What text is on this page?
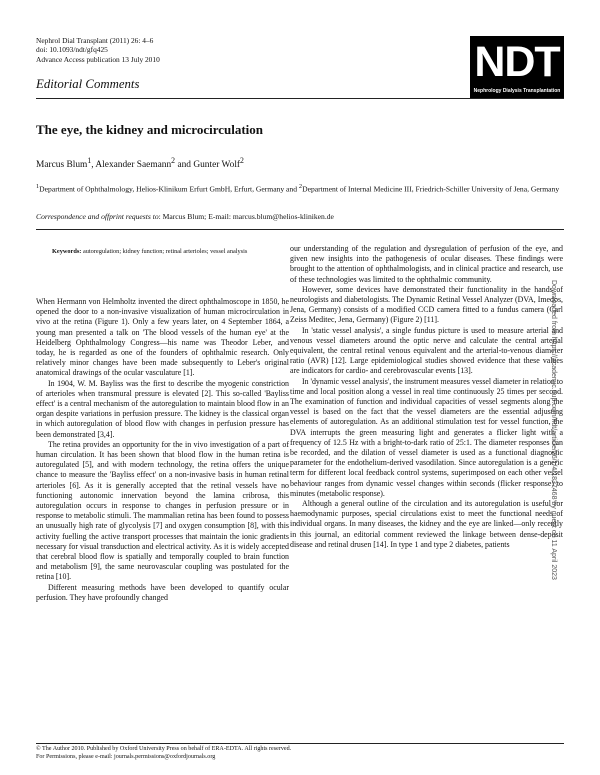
Nephrol Dial Transplant (2011) 26: 4–6
doi: 10.1093/ndt/gfq425
Advance Access publication 13 July 2010	NDT
Nephrology Dialysis Transplantation
Editorial Comments
The eye, the kidney and microcirculation
Marcus Blum$^1$, Alexander Saemann$^2$ and Gunter Wolf$^2$
$^1$Department of Ophthalmology, Helios-Klinikum Erfurt GmbH, Erfurt, Germany and $^2$Department of Internal Medicine III, Friedrich-Schiller University of Jena, Germany
Correspondence and offprint requests to: Marcus Blum; E-mail: marcus.blum@helios-kliniken.de
Keywords: autoregulation; kidney function; retinal arterioles; vessel analysis

When Hermann von Helmholtz invented the direct ophthalmoscope in 1850, he opened the door to a non-invasive visualization of human microcirculation in vivo at the retina (Figure 1). Only a few years later, on 4 September 1864, a young man presented a talk on 'The blood vessels of the human eye' at the Heidelberg Ophthalmology Congress—his name was Theodor Leber, and today, he is regarded as one of the founders of ophthalmic research. Only relatively minor changes have been made subsequently to Leber's original anatomical drawings of the ocular vasculature [1].

In 1904, W. M. Bayliss was the first to describe the myogenic constriction of arterioles when transmural pressure is elevated [2]. This so-called 'Bayliss effect' is a central mechanism of the autoregulation to maintain blood flow in an organ despite variations in perfusion pressure. The kidney is the classical organ in which autoregulation of blood flow with changes in perfusion pressure has been demonstrated [3,4].

The retina provides an opportunity for the in vivo investigation of a part of human circulation. It has been shown that blood flow in the human retina is autoregulated [5], and with modern technology, the retina offers the unique chance to measure the 'Bayliss effect' on a non-invasive basis in human retinal arterioles [6]. As it is generally accepted that the retinal vessels have no functioning autonomic innervation beyond the lamina cribrosa, this autoregulation occurs in response to changes in perfusion pressure or in response to metabolic stimuli. The mammalian retina has been found to possess an unusually high rate of glycolysis [7] and oxygen consumption [8], with this activity fuelling the active transport processes that maintain the ionic gradients necessary for visual transduction and electrical activity. As it is widely accepted that cerebral blood flow is spatially and temporally coupled to brain function and metabolism [9], the same neurovascular coupling was postulated for the retina [10].

Different measuring methods have been developed to quantify ocular perfusion. They have profoundly changed

our understanding of the regulation and dysregulation of perfusion of the eye, and given new insights into the pathogenesis of ocular diseases. These findings were brought to the attention of ophthalmologists, and in clinical practice and research, use of these technologies was limited to the ophthalmic community.

However, some devices have demonstrated their functionality in the hands of neurologists and diabetologists. The Dynamic Retinal Vessel Analyzer (DVA, Imedos, Jena, Germany) consists of a modified CCD camera fitted to a fundus camera (Carl Zeiss Meditec, Jena, Germany) (Figure 2) [11].

In 'static vessel analysis', a single fundus picture is used to measure arterial and venous vessel diameters around the optic nerve and calculate the central arterial equivalent, the central retinal venous equivalent and the arterial-to-venous diameter ratio (AVR) [12]. Large epidemiological studies showed evidence that these values are indicators for cardio- and cerebrovascular events [13].

In 'dynamic vessel analysis', the instrument measures vessel diameter in relation to time and local position along a vessel in real time continuously 25 times per second. The examination of function and individual capacities of vessel segments along the vessel is based on the fact that the vessel diameters are the essential adjusting elements of autoregulation. As an additional stimulation test for vessel function, the DVA interrupts the green measuring light and generates a flicker light with a frequency of 12.5 Hz with a bright-to-dark ratio of 25:1. The diameter responses can be recorded, and the dilation of vessel diameter is used as a functional diagnostic parameter for the endothelium-derived vasodilation. Since autoregulation is a generic term for different local feedback control systems, superimposed on each other vessel behaviour ranges from dynamic vessel changes within seconds (flicker response) to minutes (metabolic response).

Although a general outline of the circulation and its autoregulation is useful for haemodynamic purposes, special circulations exist to meet the functional needs of individual organs. In many diseases, the kidney and the eye are linked—only recently in this journal, an editorial comment reviewed the linkage between dense-deposit disease and retinal drusen [14]. In type 1 and type 2 diabetes, patients

© The Author 2010. Published by Oxford University Press on behalf of ERA-EDTA. All rights reserved.
For Permissions, please e-mail: journals.permissions@oxfordjournals.org
Downloaded from https://academic.oup.com/ndt/article/26/1/4/1837468 by guest on 11 April 2023
